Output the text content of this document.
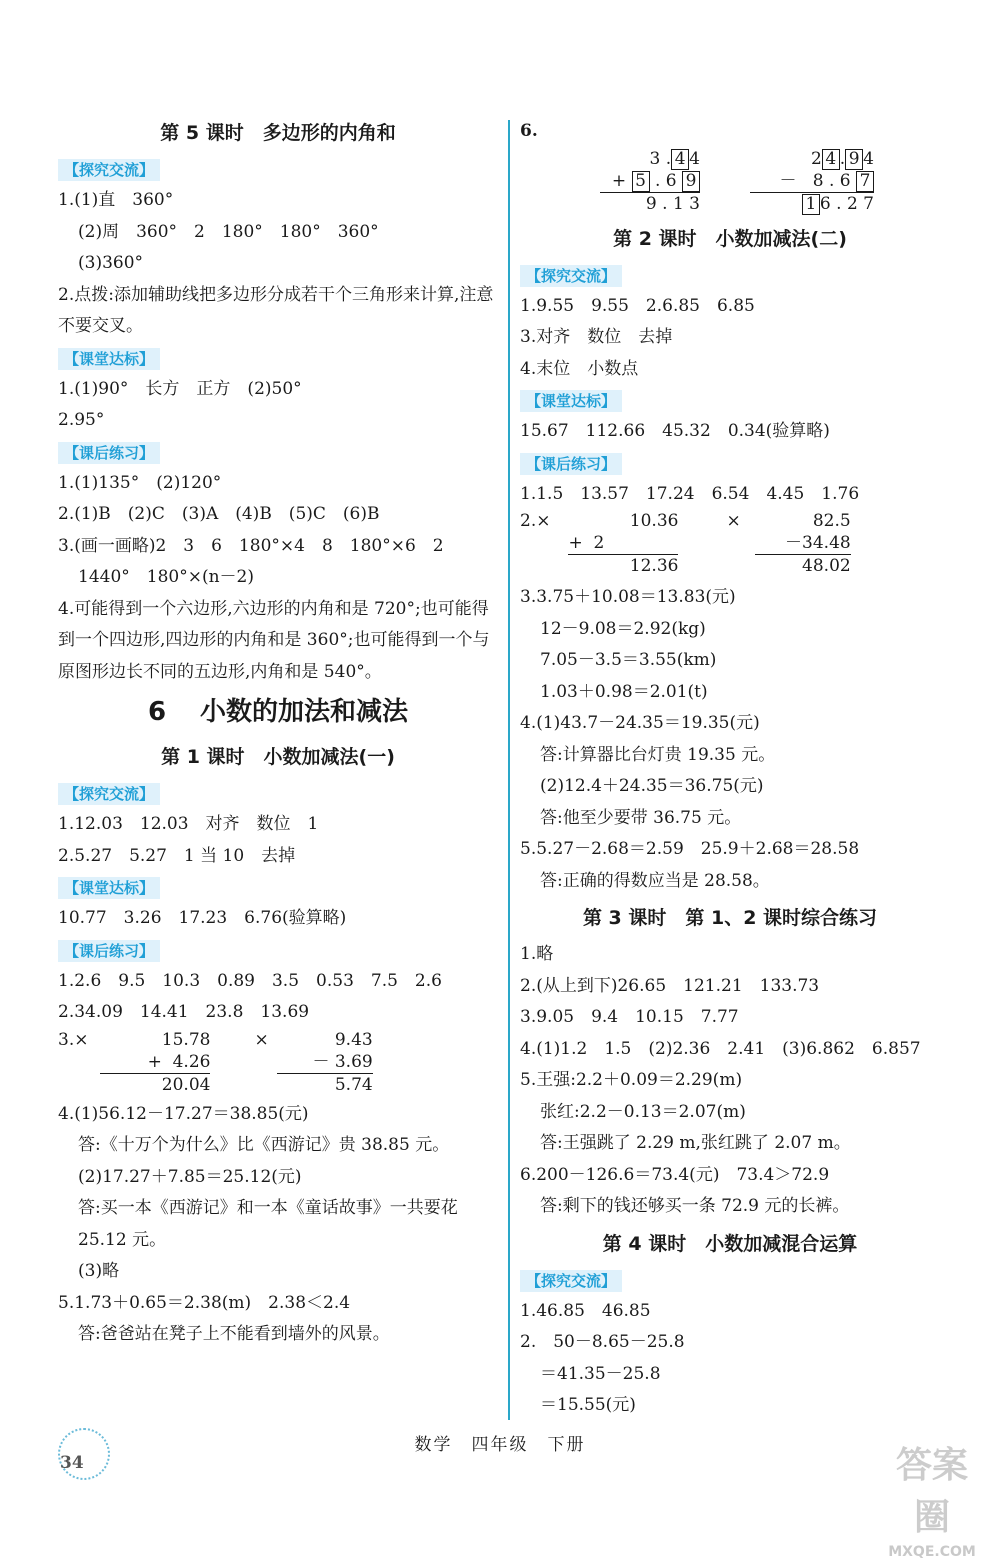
第 5 课时　多边形的内角和
【探究交流】
1.(1)直　360°
(2)周　360°　2　180°　180°　360°
(3)360°
2.点拨:添加辅助线把多边形分成若干个三角形来计算,注意不要交叉。
【课堂达标】
1.(1)90°　长方　正方　(2)50°
2.95°
【课后练习】
1.(1)135°　(2)120°
2.(1)B　(2)C　(3)A　(4)B　(5)C　(6)B
3.(画一画略)2　3　6　180°×4　8　180°×6　2
1440°　180°×(n－2)
4.可能得到一个六边形,六边形的内角和是 720°;也可能得到一个四边形,四边形的内角和是 360°;也可能得到一个与原图形边长不同的五边形,内角和是 540°。
6 小数的加法和减法
第 1 课时　小数加减法(一)
【探究交流】
1.12.03　12.03　对齐　数位　1
2.5.27　5.27　1 当 10　去掉
【课堂达标】
10.77　3.26　17.23　6.76(验算略)
【课后练习】
1.2.6　9.5　10.3　0.89　3.5　0.53　7.5　2.6
2.34.09　14.41　23.8　13.69
3.×	15.78
+  4.26
20.04
×	9.43
－ 3.69
5.74
4.(1)56.12－17.27＝38.85(元)
答:《十万个为什么》比《西游记》贵 38.85 元。
(2)17.27＋7.85＝25.12(元)
答:买一本《西游记》和一本《童话故事》一共要花 25.12 元。
(3)略
5.1.73＋0.65＝2.38(m)　2.38＜2.4
答:爸爸站在凳子上不能看到墙外的风景。
6.
3 . 4 4
+ 5 . 6 9
9 . 1 3
2 4 . 9 4
－ 8 . 6 7
1 6 . 2 7
第 2 课时　小数加减法(二)
【探究交流】
1.9.55　9.55　2.6.85　6.85
3.对齐　数位　去掉
4.末位　小数点
【课堂达标】
15.67　112.66　45.32　0.34(验算略)
【课后练习】
1.1.5　13.57　17.24　6.54　4.45　1.76
2.×	10.36
+  2
12.36
×	82.5
－34.48
48.02
3.3.75＋10.08＝13.83(元)
12－9.08＝2.92(kg)
7.05－3.5＝3.55(km)
1.03＋0.98＝2.01(t)
4.(1)43.7－24.35＝19.35(元)
答:计算器比台灯贵 19.35 元。
(2)12.4＋24.35＝36.75(元)
答:他至少要带 36.75 元。
5.5.27－2.68＝2.59　25.9＋2.68＝28.58
答:正确的得数应当是 28.58。
第 3 课时　第 1、2 课时综合练习
1.略
2.(从上到下)26.65　121.21　133.73
3.9.05　9.4　10.15　7.77
4.(1)1.2　1.5　(2)2.36　2.41　(3)6.862　6.857
5.王强:2.2＋0.09＝2.29(m)
张红:2.2－0.13＝2.07(m)
答:王强跳了 2.29 m,张红跳了 2.07 m。
6.200－126.6＝73.4(元)　73.4＞72.9
答:剩下的钱还够买一条 72.9 元的长裤。
第 4 课时　小数加减混合运算
【探究交流】
1.46.85　46.85
2.　50－8.65－25.8
＝41.35－25.8
＝15.55(元)
34
数学　四年级　下册	答案圈
MXQE.COM
